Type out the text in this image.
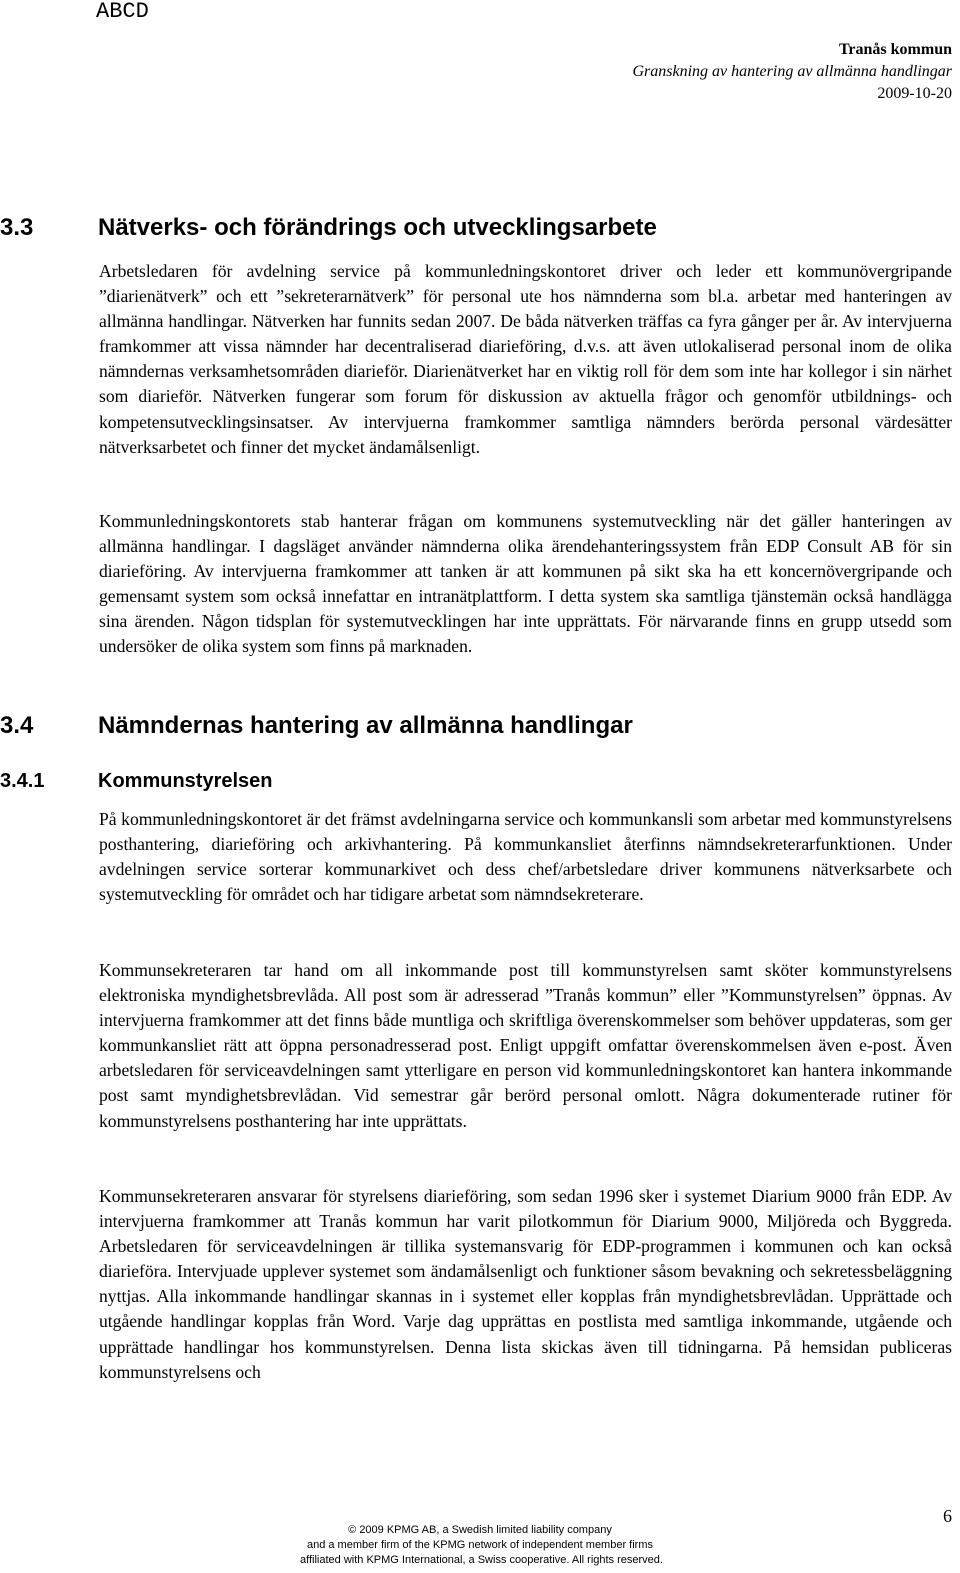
ABCD
Tranås kommun
Granskning av hantering av allmänna handlingar
2009-10-20
3.3	Nätverks- och förändrings och utvecklingsarbete

Arbetsledaren för avdelning service på kommunledningskontoret driver och leder ett kommunövergripande ”diarienätverk” och ett ”sekreterarnätverk” för personal ute hos nämnderna som bl.a. arbetar med hanteringen av allmänna handlingar. Nätverken har funnits sedan 2007. De båda nätverken träffas ca fyra gånger per år. Av intervjuerna framkommer att vissa nämnder har decentraliserad diarieföring, d.v.s. att även utlokaliserad personal inom de olika nämndernas verksamhetsområden diarieför. Diarienätverket har en viktig roll för dem som inte har kollegor i sin närhet som diarieför. Nätverken fungerar som forum för diskussion av aktuella frågor och genomför utbildnings- och kompetensutvecklingsinsatser. Av intervjuerna framkommer samtliga nämnders berörda personal värdesätter nätverksarbetet och finner det mycket ändamålsenligt.

Kommunledningskontorets stab hanterar frågan om kommunens systemutveckling när det gäller hanteringen av allmänna handlingar. I dagsläget använder nämnderna olika ärendehanteringssystem från EDP Consult AB för sin diarieföring. Av intervjuerna framkommer att tanken är att kommunen på sikt ska ha ett koncernövergripande och gemensamt system som också innefattar en intranätplattform. I detta system ska samtliga tjänstemän också handlägga sina ärenden. Någon tidsplan för systemutvecklingen har inte upprättats. För närvarande finns en grupp utsedd som undersöker de olika system som finns på marknaden.

3.4	Nämndernas hantering av allmänna handlingar
3.4.1	Kommunstyrelsen

På kommunledningskontoret är det främst avdelningarna service och kommunkansli som arbetar med kommunstyrelsens posthantering, diarieföring och arkivhantering. På kommunkansliet återfinns nämndsekreterarfunktionen. Under avdelningen service sorterar kommunarkivet och dess chef/arbetsledare driver kommunens nätverksarbete och systemutveckling för området och har tidigare arbetat som nämndsekreterare.

Kommunsekreteraren tar hand om all inkommande post till kommunstyrelsen samt sköter kommunstyrelsens elektroniska myndighetsbrevlåda. All post som är adresserad ”Tranås kommun” eller ”Kommunstyrelsen” öppnas. Av intervjuerna framkommer att det finns både muntliga och skriftliga överenskommelser som behöver uppdateras, som ger kommunkansliet rätt att öppna personadresserad post. Enligt uppgift omfattar överenskommelsen även e-post. Även arbetsledaren för serviceavdelningen samt ytterligare en person vid kommunledningskontoret kan hantera inkommande post samt myndighetsbrevlådan. Vid semestrar går berörd personal omlott. Några dokumenterade rutiner för kommunstyrelsens posthantering har inte upprättats.

Kommunsekreteraren ansvarar för styrelsens diarieföring, som sedan 1996 sker i systemet Diarium 9000 från EDP. Av intervjuerna framkommer att Tranås kommun har varit pilotkommun för Diarium 9000, Miljöreda och Byggreda. Arbetsledaren för serviceavdelningen är tillika systemansvarig för EDP-programmen i kommunen och kan också diarieföra. Intervjuade upplever systemet som ändamålsenligt och funktioner såsom bevakning och sekretessbeläggning nyttjas. Alla inkommande handlingar skannas in i systemet eller kopplas från myndighetsbrevlådan. Upprättade och utgående handlingar kopplas från Word. Varje dag upprättas en postlista med samtliga inkommande, utgående och upprättade handlingar hos kommunstyrelsen. Denna lista skickas även till tidningarna. På hemsidan publiceras kommunstyrelsens och

6
© 2009 KPMG AB, a Swedish limited liability company
and a member firm of the KPMG network of independent member firms
affiliated with KPMG International, a Swiss cooperative. All rights reserved.
